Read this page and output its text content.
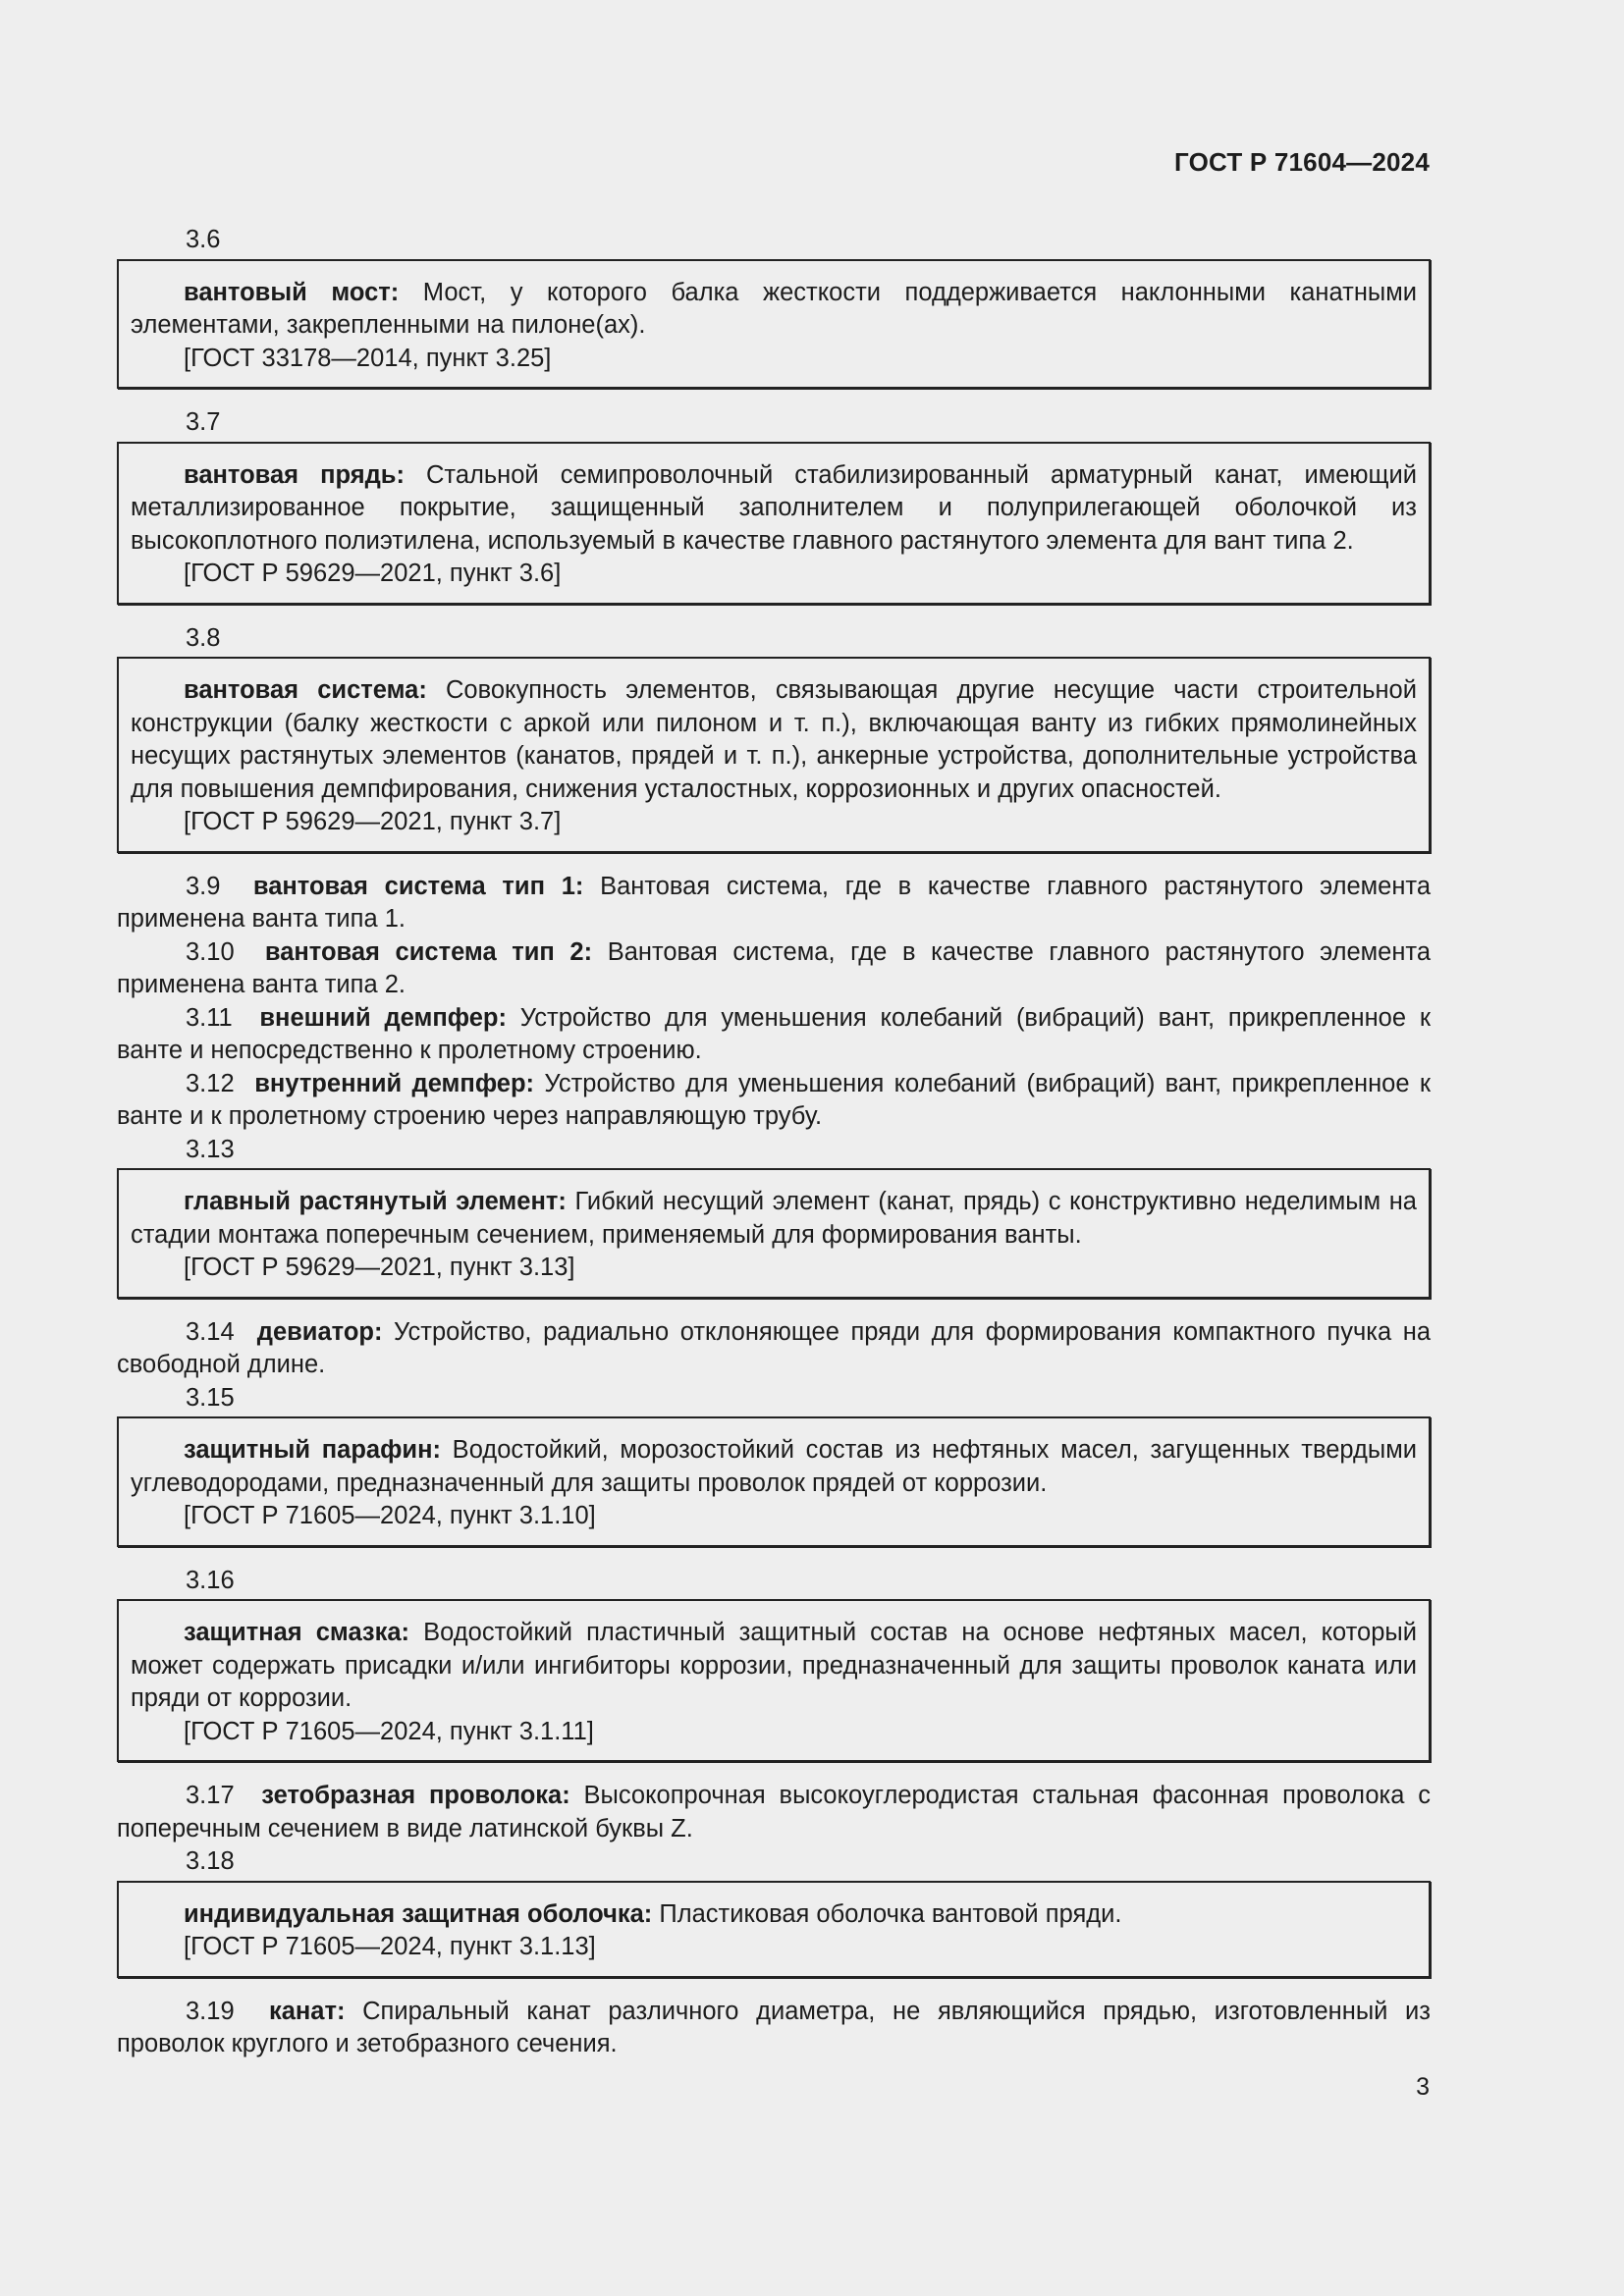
ГОСТ Р 71604—2024
3.6

вантовый мост: Мост, у которого балка жесткости поддерживается наклонными канатными элементами, закрепленными на пилоне(ах).

[ГОСТ 33178—2014, пункт 3.25]

3.7

вантовая прядь: Стальной семипроволочный стабилизированный арматурный канат, имеющий металлизированное покрытие, защищенный заполнителем и полуприлегающей оболочкой из высокоплотного полиэтилена, используемый в качестве главного растянутого элемента для вант типа 2.

[ГОСТ Р 59629—2021, пункт 3.6]

3.8

вантовая система: Совокупность элементов, связывающая другие несущие части строительной конструкции (балку жесткости с аркой или пилоном и т. п.), включающая ванту из гибких прямолинейных несущих растянутых элементов (канатов, прядей и т. п.), анкерные устройства, дополнительные устройства для повышения демпфирования, снижения усталостных, коррозионных и других опасностей.

[ГОСТ Р 59629—2021, пункт 3.7]

3.9 вантовая система тип 1: Вантовая система, где в качестве главного растянутого элемента применена ванта типа 1.

3.10 вантовая система тип 2: Вантовая система, где в качестве главного растянутого элемента применена ванта типа 2.

3.11 внешний демпфер: Устройство для уменьшения колебаний (вибраций) вант, прикрепленное к ванте и непосредственно к пролетному строению.

3.12 внутренний демпфер: Устройство для уменьшения колебаний (вибраций) вант, прикрепленное к ванте и к пролетному строению через направляющую трубу.

3.13

главный растянутый элемент: Гибкий несущий элемент (канат, прядь) с конструктивно неделимым на стадии монтажа поперечным сечением, применяемый для формирования ванты.

[ГОСТ Р 59629—2021, пункт 3.13]

3.14 девиатор: Устройство, радиально отклоняющее пряди для формирования компактного пучка на свободной длине.

3.15

защитный парафин: Водостойкий, морозостойкий состав из нефтяных масел, загущенных твердыми углеводородами, предназначенный для защиты проволок прядей от коррозии.

[ГОСТ Р 71605—2024, пункт 3.1.10]

3.16

защитная смазка: Водостойкий пластичный защитный состав на основе нефтяных масел, который может содержать присадки и/или ингибиторы коррозии, предназначенный для защиты проволок каната или пряди от коррозии.

[ГОСТ Р 71605—2024, пункт 3.1.11]

3.17 зетобразная проволока: Высокопрочная высокоуглеродистая стальная фасонная проволока с поперечным сечением в виде латинской буквы Z.

3.18

индивидуальная защитная оболочка: Пластиковая оболочка вантовой пряди.

[ГОСТ Р 71605—2024, пункт 3.1.13]

3.19 канат: Спиральный канат различного диаметра, не являющийся прядью, изготовленный из проволок круглого и зетобразного сечения.

3
